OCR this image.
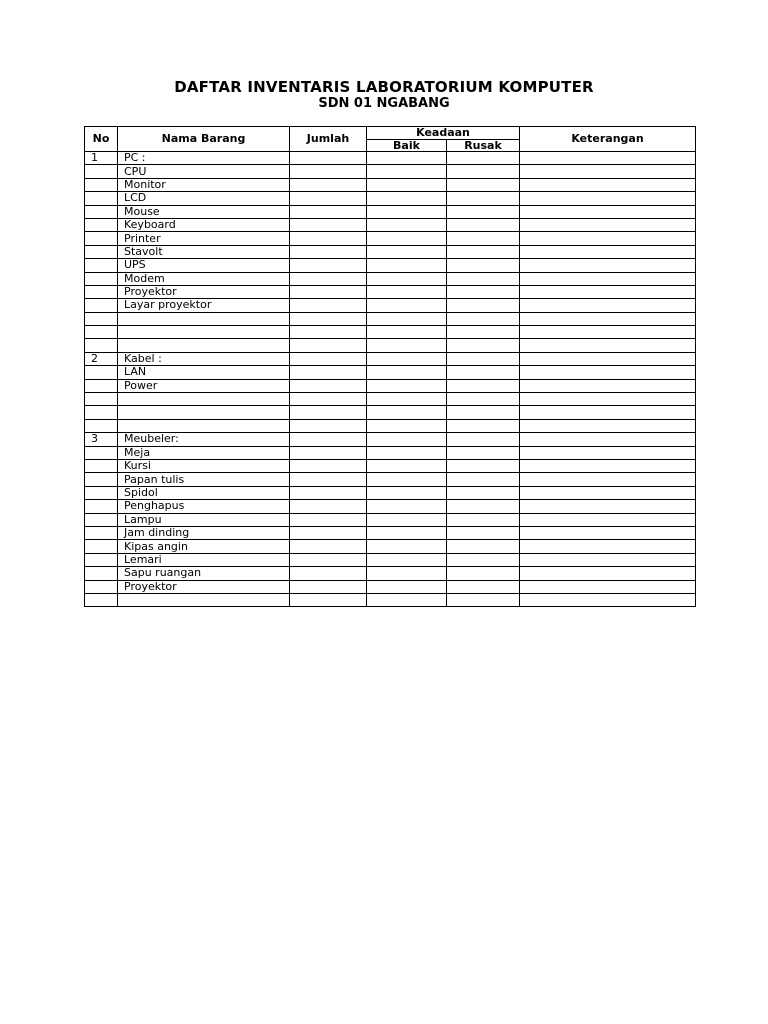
DAFTAR INVENTARIS LABORATORIUM KOMPUTER
SDN 01 NGABANG
No	Nama Barang	Jumlah	Keadaan		Keterangan
			Baik	Rusak	
1	PC :				
	CPU				
	Monitor				
	LCD				
	Mouse				
	Keyboard				
	Printer				
	Stavolt				
	UPS				
	Modem				
	Proyektor				
	Layar proyektor				

2	Kabel :				
	LAN				
	Power				

3	Meubeler:				
	Meja				
	Kursi				
	Papan tulis				
	Spidol				
	Penghapus				
	Lampu				
	Jam dinding				
	Kipas angin				
	Lemari				
	Sapu ruangan				
	Proyektor				
